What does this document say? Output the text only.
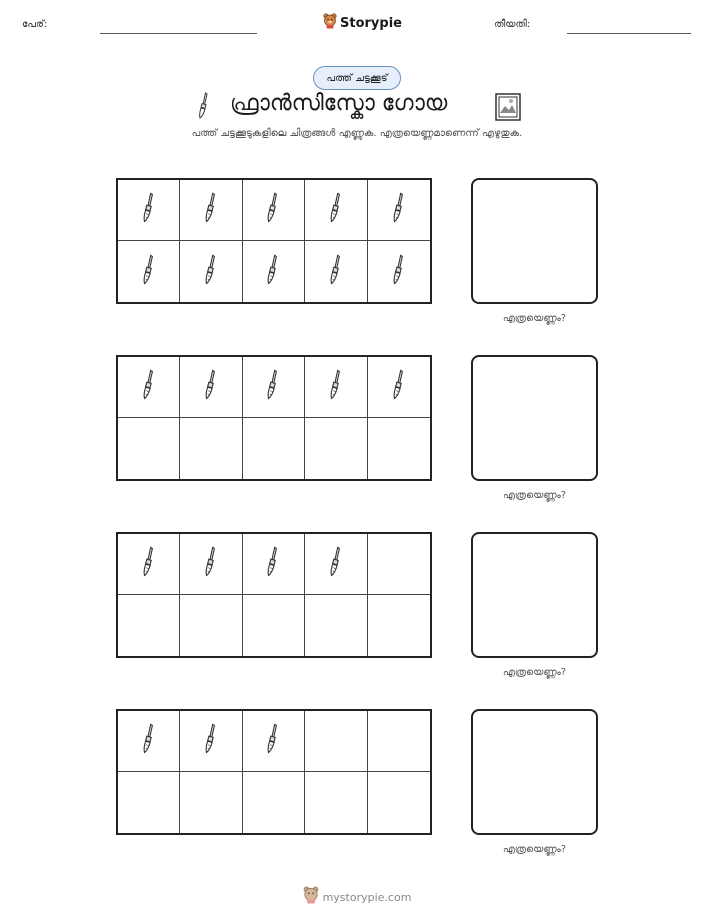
പേര്:	Storypie	തീയതി:
പത്ത് ചട്ടക്കൂട്
ഫ്രാൻസിസ്കോ ഗോയ
പത്ത് ചട്ടക്കൂടുകളിലെ ചിത്രങ്ങൾ എണ്ണുക. എത്രയെണ്ണമാണെന്ന് എഴുതുക.
എത്രയെണ്ണം?
എത്രയെണ്ണം?
എത്രയെണ്ണം?
എത്രയെണ്ണം?
mystorypie.com
